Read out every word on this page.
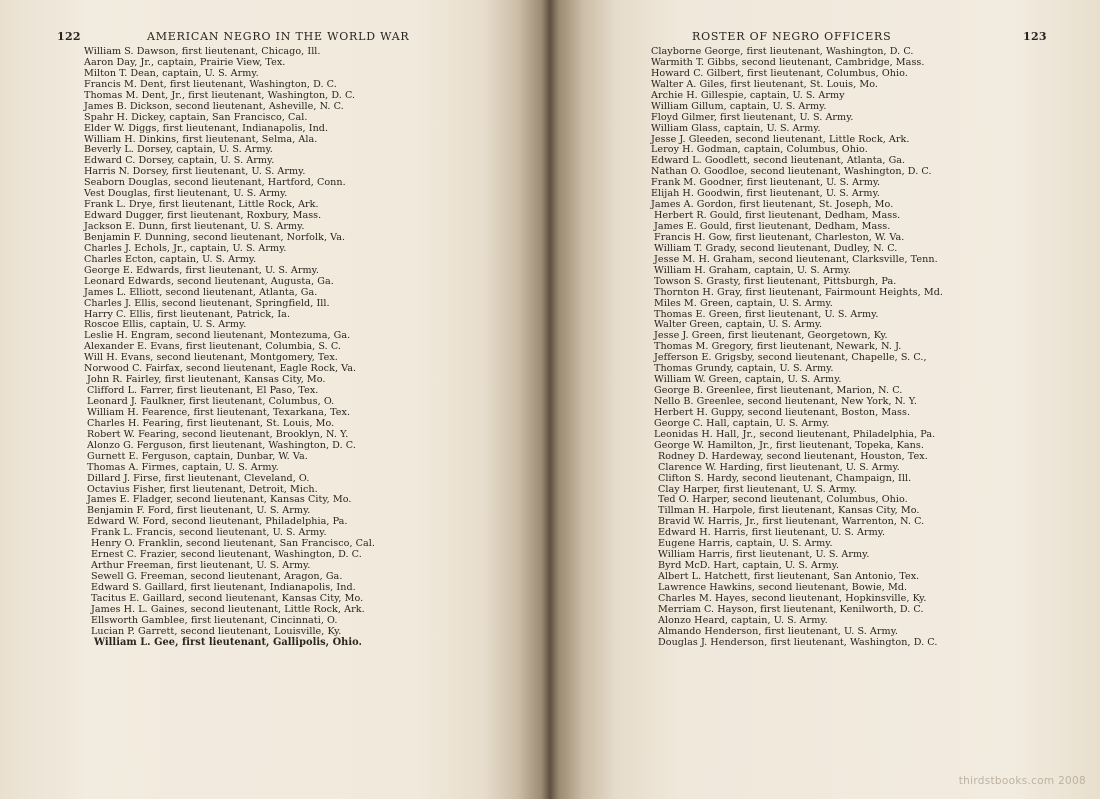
122	AMERICAN NEGRO IN THE WORLD WAR
William S. Dawson, first lieutenant, Chicago, Ill.
Aaron Day, Jr., captain, Prairie View, Tex.
Milton T. Dean, captain, U. S. Army.
Francis M. Dent, first lieutenant, Washington, D. C.
Thomas M. Dent, Jr., first lieutenant, Washington, D. C.
James B. Dickson, second lieutenant, Asheville, N. C.
Spahr H. Dickey, captain, San Francisco, Cal.
Elder W. Diggs, first lieutenant, Indianapolis, Ind.
William H. Dinkins, first lieutenant, Selma, Ala.
Beverly L. Dorsey, captain, U. S. Army.
Edward C. Dorsey, captain, U. S. Army.
Harris N. Dorsey, first lieutenant, U. S. Army.
Seaborn Douglas, second lieutenant, Hartford, Conn.
Vest Douglas, first lieutenant, U. S. Army.
Frank L. Drye, first lieutenant, Little Rock, Ark.
Edward Dugger, first lieutenant, Roxbury, Mass.
Jackson E. Dunn, first lieutenant, U. S. Army.
Benjamin F. Dunning, second lieutenant, Norfolk, Va.
Charles J. Echols, Jr., captain, U. S. Army.
Charles Ecton, captain, U. S. Army.
George E. Edwards, first lieutenant, U. S. Army.
Leonard Edwards, second lieutenant, Augusta, Ga.
James L. Elliott, second lieutenant, Atlanta, Ga.
Charles J. Ellis, second lieutenant, Springfield, Ill.
Harry C. Ellis, first lieutenant, Patrick, Ia.
Roscoe Ellis, captain, U. S. Army.
Leslie H. Engram, second lieutenant, Montezuma, Ga.
Alexander E. Evans, first lieutenant, Columbia, S. C.
Will H. Evans, second lieutenant, Montgomery, Tex.
Norwood C. Fairfax, second lieutenant, Eagle Rock, Va.
John R. Fairley, first lieutenant, Kansas City, Mo.
Clifford L. Farrer, first lieutenant, El Paso, Tex.
Leonard J. Faulkner, first lieutenant, Columbus, O.
William H. Fearence, first lieutenant, Texarkana, Tex.
Charles H. Fearing, first lieutenant, St. Louis, Mo.
Robert W. Fearing, second lieutenant, Brooklyn, N. Y.
Alonzo G. Ferguson, first lieutenant, Washington, D. C.
Gurnett E. Ferguson, captain, Dunbar, W. Va.
Thomas A. Firmes, captain, U. S. Army.
Dillard J. Firse, first lieutenant, Cleveland, O.
Octavius Fisher, first lieutenant, Detroit, Mich.
James E. Fladger, second lieutenant, Kansas City, Mo.
Benjamin F. Ford, first lieutenant, U. S. Army.
Edward W. Ford, second lieutenant, Philadelphia, Pa.
Frank L. Francis, second lieutenant, U. S. Army.
Henry O. Franklin, second lieutenant, San Francisco, Cal.
Ernest C. Frazier, second lieutenant, Washington, D. C.
Arthur Freeman, first lieutenant, U. S. Army.
Sewell G. Freeman, second lieutenant, Aragon, Ga.
Edward S. Gaillard, first lieutenant, Indianapolis, Ind.
Tacitus E. Gaillard, second lieutenant, Kansas City, Mo.
James H. L. Gaines, second lieutenant, Little Rock, Ark.
Ellsworth Gamblee, first lieutenant, Cincinnati, O.
Lucian P. Garrett, second lieutenant, Louisville, Ky.
William L. Gee, first lieutenant, Gallipolis, Ohio.
ROSTER OF NEGRO OFFICERS	123
Clayborne George, first lieutenant, Washington, D. C.
Warmith T. Gibbs, second lieutenant, Cambridge, Mass.
Howard C. Gilbert, first lieutenant, Columbus, Ohio.
Walter A. Giles, first lieutenant, St. Louis, Mo.
Archie H. Gillespie, captain, U. S. Army
William Gillum, captain, U. S. Army.
Floyd Gilmer, first lieutenant, U. S. Army.
William Glass, captain, U. S. Army.
Jesse J. Gleeden, second lieutenant, Little Rock, Ark.
Leroy H. Godman, captain, Columbus, Ohio.
Edward L. Goodlett, second lieutenant, Atlanta, Ga.
Nathan O. Goodloe, second lieutenant, Washington, D. C.
Frank M. Goodner, first lieutenant, U. S. Army.
Elijah H. Goodwin, first lieutenant, U. S. Army.
James A. Gordon, first lieutenant, St. Joseph, Mo.
Herbert R. Gould, first lieutenant, Dedham, Mass.
James E. Gould, first lieutenant, Dedham, Mass.
Francis H. Gow, first lieutenant, Charleston, W. Va.
William T. Grady, second lieutenant, Dudley, N. C.
Jesse M. H. Graham, second lieutenant, Clarksville, Tenn.
William H. Graham, captain, U. S. Army.
Towson S. Grasty, first lieutenant, Pittsburgh, Pa.
Thornton H. Gray, first lieutenant, Fairmount Heights, Md.
Miles M. Green, captain, U. S. Army.
Thomas E. Green, first lieutenant, U. S. Army.
Walter Green, captain, U. S. Army.
Jesse J. Green, first lieutenant, Georgetown, Ky.
Thomas M. Gregory, first lieutenant, Newark, N. J.
Jefferson E. Grigsby, second lieutenant, Chapelle, S. C.,
Thomas Grundy, captain, U. S. Army.
William W. Green, captain, U. S. Army.
George B. Greenlee, first lieutenant, Marion, N. C.
Nello B. Greenlee, second lieutenant, New York, N. Y.
Herbert H. Guppy, second lieutenant, Boston, Mass.
George C. Hall, captain, U. S. Army.
Leonidas H. Hall, Jr., second lieutenant, Philadelphia, Pa.
George W. Hamilton, Jr., first lieutenant, Topeka, Kans.
Rodney D. Hardeway, second lieutenant, Houston, Tex.
Clarence W. Harding, first lieutenant, U. S. Army.
Clifton S. Hardy, second lieutenant, Champaign, Ill.
Clay Harper, first lieutenant, U. S. Army.
Ted O. Harper, second lieutenant, Columbus, Ohio.
Tillman H. Harpole, first lieutenant, Kansas City, Mo.
Bravid W. Harris, Jr., first lieutenant, Warrenton, N. C.
Edward H. Harris, first lieutenant, U. S. Army.
Eugene Harris, captain, U. S. Army.
William Harris, first lieutenant, U. S. Army.
Byrd McD. Hart, captain, U. S. Army.
Albert L. Hatchett, first lieutenant, San Antonio, Tex.
Lawrence Hawkins, second lieutenant, Bowie, Md.
Charles M. Hayes, second lieutenant, Hopkinsville, Ky.
Merriam C. Hayson, first lieutenant, Kenilworth, D. C.
Alonzo Heard, captain, U. S. Army.
Almando Henderson, first lieutenant, U. S. Army.
Douglas J. Henderson, first lieutenant, Washington, D. C.
thirdstbooks.com 2008
